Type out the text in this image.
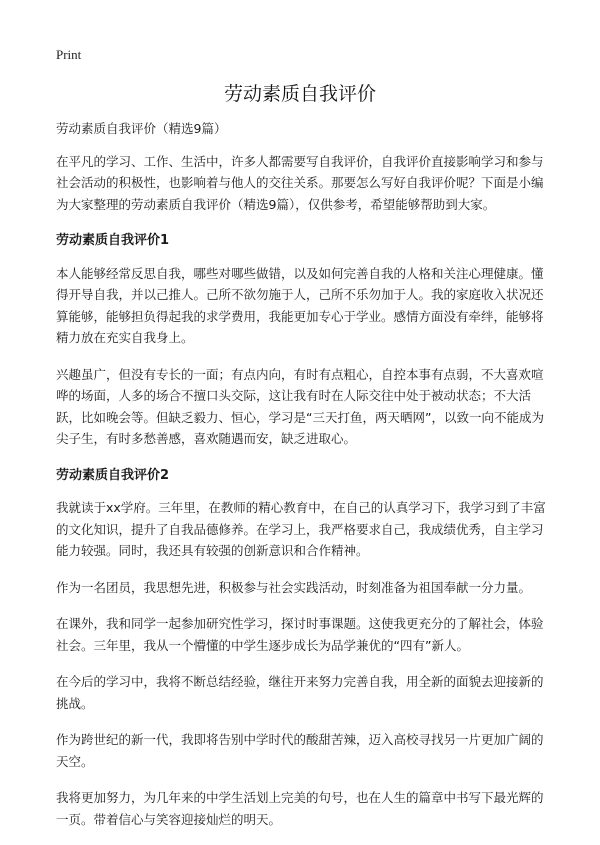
Print
劳动素质自我评价

劳动素质自我评价（精选9篇）

在平凡的学习、工作、生活中，许多人都需要写自我评价，自我评价直接影响学习和参与社会活动的积极性，也影响着与他人的交往关系。那要怎么写好自我评价呢？下面是小编为大家整理的劳动素质自我评价（精选9篇），仅供参考，希望能够帮助到大家。

劳动素质自我评价1

本人能够经常反思自我，哪些对哪些做错，以及如何完善自我的人格和关注心理健康。懂得开导自我，并以己推人。己所不欲勿施于人，己所不乐勿加于人。我的家庭收入状况还算能够，能够担负得起我的求学费用，我能更加专心于学业。感情方面没有牵绊，能够将精力放在充实自我身上。

兴趣虽广，但没有专长的一面；有点内向，有时有点粗心，自控本事有点弱，不大喜欢喧哗的场面，人多的场合不擅口头交际，这让我有时在人际交往中处于被动状态；不大活跃，比如晚会等。但缺乏毅力、恒心，学习是“三天打鱼，两天晒网”，以致一向不能成为尖子生，有时多愁善感，喜欢随遇而安，缺乏进取心。

劳动素质自我评价2

我就读于xx学府。三年里，在教师的精心教育中，在自己的认真学习下，我学习到了丰富的文化知识，提升了自我品德修养。在学习上，我严格要求自己，我成绩优秀，自主学习能力较强。同时，我还具有较强的创新意识和合作精神。

作为一名团员，我思想先进，积极参与社会实践活动，时刻准备为祖国奉献一分力量。

在课外，我和同学一起参加研究性学习，探讨时事课题。这使我更充分的了解社会，体验社会。三年里，我从一个懵懂的中学生逐步成长为品学兼优的“四有”新人。

在今后的学习中，我将不断总结经验，继往开来努力完善自我，用全新的面貌去迎接新的挑战。

作为跨世纪的新一代，我即将告别中学时代的酸甜苦辣，迈入高校寻找另一片更加广阔的天空。

我将更加努力，为几年来的中学生活划上完美的句号，也在人生的篇章中书写下最光辉的一页。带着信心与笑容迎接灿烂的明天。
